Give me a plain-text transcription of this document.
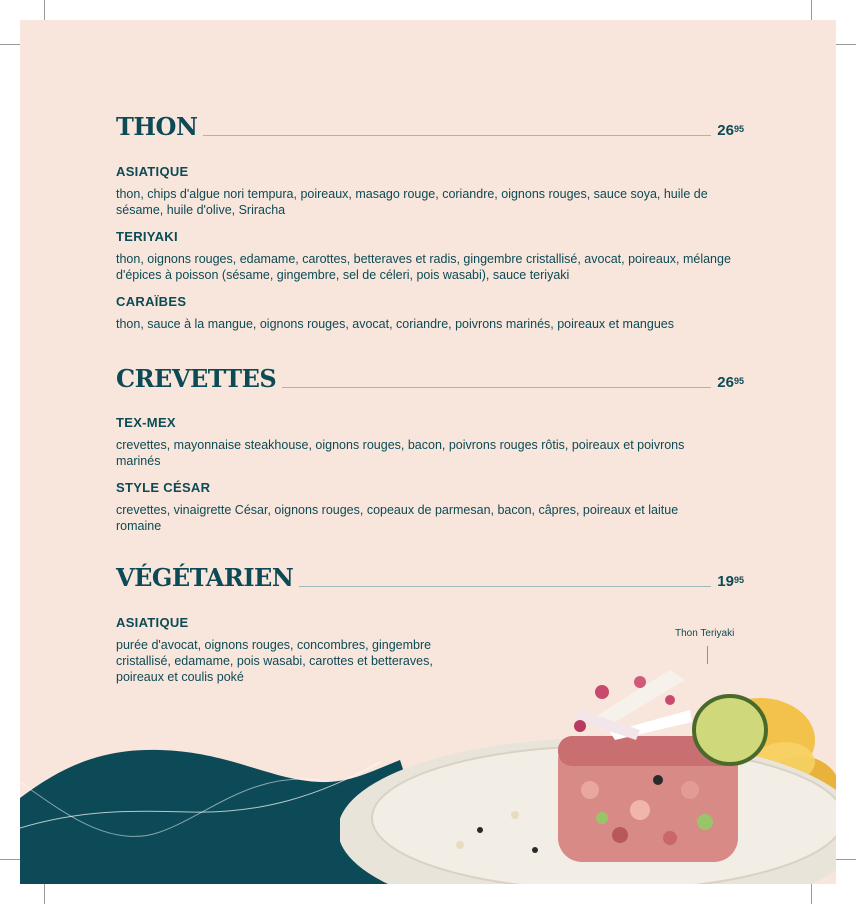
THON	$26^{95}$
ASIATIQUE
thon, chips d'algue nori tempura, poireaux, masago rouge, coriandre, oignons rouges, sauce soya, huile de sésame, huile d'olive, Sriracha
TERIYAKI
thon, oignons rouges, edamame, carottes, betteraves et radis, gingembre cristallisé, avocat, poireaux, mélange d'épices à poisson (sésame, gingembre, sel de céleri, pois wasabi), sauce teriyaki
CARAÏBES
thon, sauce à la mangue, oignons rouges, avocat, coriandre, poivrons marinés, poireaux et mangues
CREVETTES	$26^{95}$
TEX-MEX
crevettes, mayonnaise steakhouse, oignons rouges, bacon, poivrons rouges rôtis, poireaux et poivrons marinés
STYLE CÉSAR
crevettes, vinaigrette César, oignons rouges, copeaux de parmesan, bacon, câpres, poireaux et laitue romaine
VÉGÉTARIEN	$19^{95}$
ASIATIQUE
purée d'avocat, oignons rouges, concombres, gingembre cristallisé, edamame, pois wasabi, carottes et betteraves, poireaux et coulis poké
Thon Teriyaki
